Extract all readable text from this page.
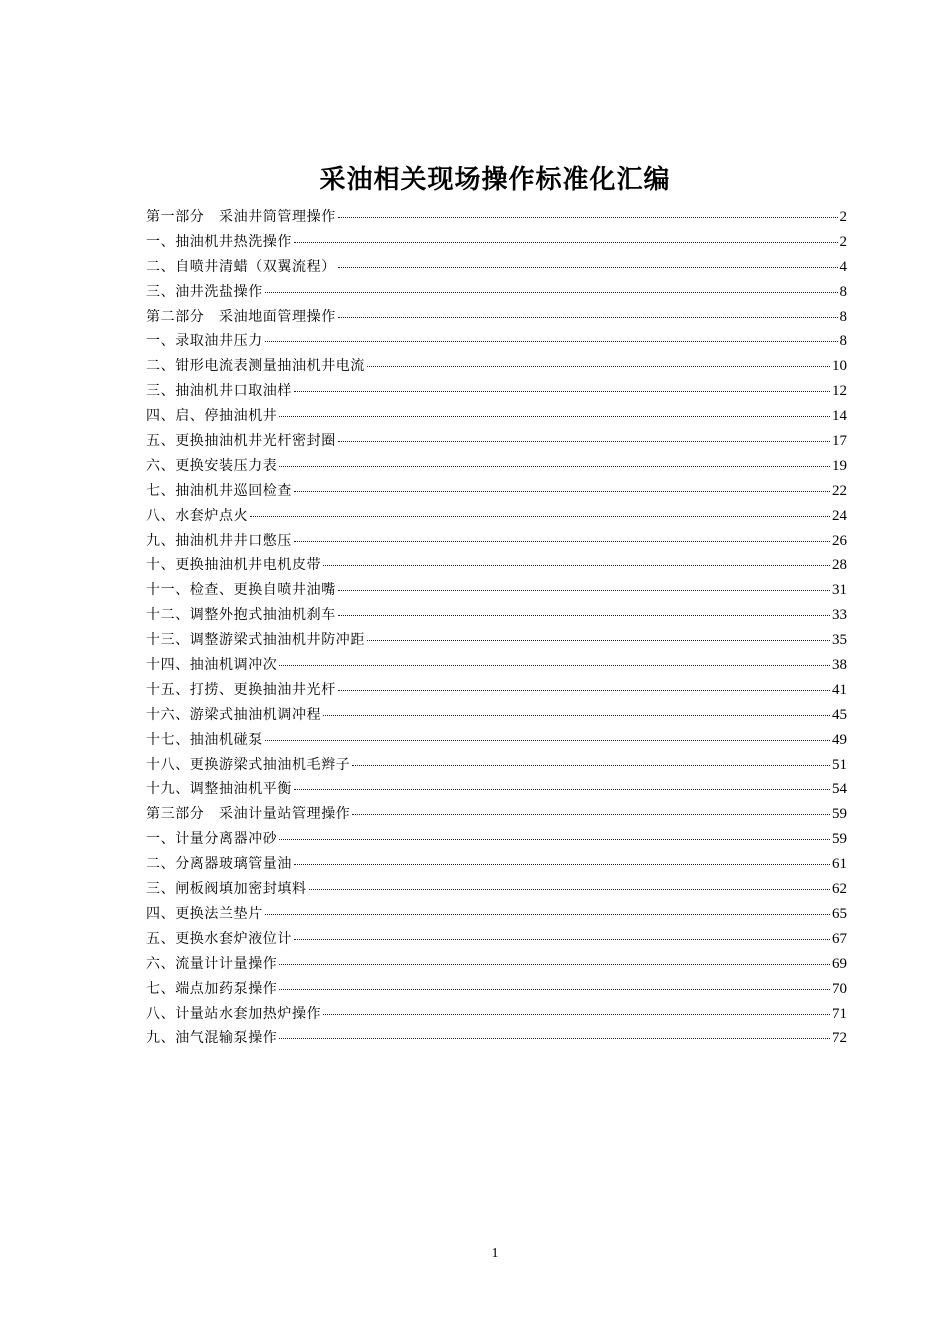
采油相关现场操作标准化汇编
第一部分　采油井筒管理操作	2
一、抽油机井热洗操作	2
二、自喷井清蜡（双翼流程）	4
三、油井洗盐操作	8
第二部分　采油地面管理操作	8
一、录取油井压力	8
二、钳形电流表测量抽油机井电流	10
三、抽油机井口取油样	12
四、启、停抽油机井	14
五、更换抽油机井光杆密封圈	17
六、更换安装压力表	19
七、抽油机井巡回检查	22
八、水套炉点火	24
九、抽油机井井口憋压	26
十、更换抽油机井电机皮带	28
十一、检查、更换自喷井油嘴	31
十二、调整外抱式抽油机刹车	33
十三、调整游梁式抽油机井防冲距	35
十四、抽油机调冲次	38
十五、打捞、更换抽油井光杆	41
十六、游梁式抽油机调冲程	45
十七、抽油机碰泵	49
十八、更换游梁式抽油机毛辫子	51
十九、调整抽油机平衡	54
第三部分　采油计量站管理操作	59
一、计量分离器冲砂	59
二、分离器玻璃管量油	61
三、闸板阀填加密封填料	62
四、更换法兰垫片	65
五、更换水套炉液位计	67
六、流量计计量操作	69
七、端点加药泵操作	70
八、计量站水套加热炉操作	71
九、油气混输泵操作	72
1
